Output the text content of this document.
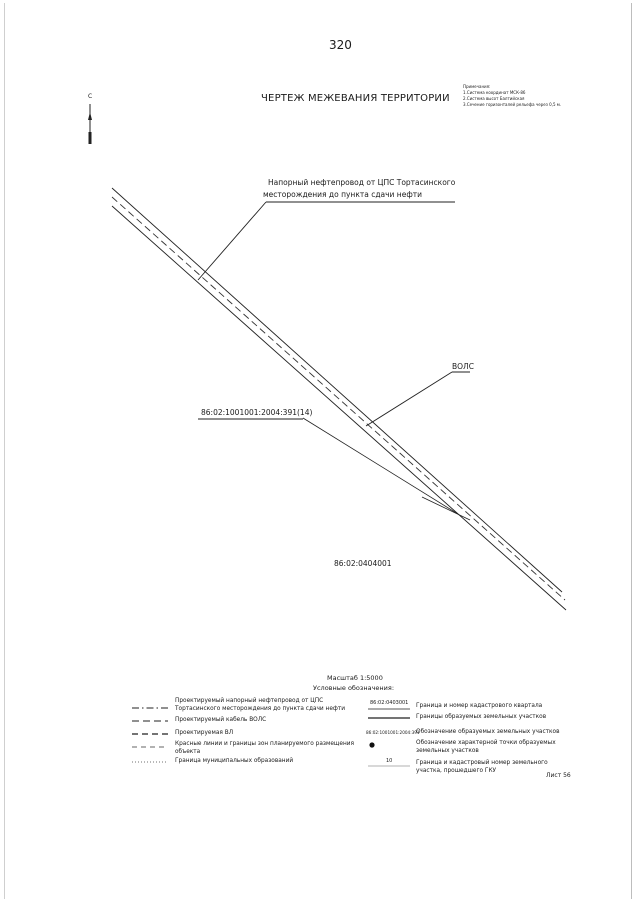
320
ЧЕРТЕЖ МЕЖЕВАНИЯ ТЕРРИТОРИИ
Примечания:
1.Система координат МСК-86
2.Система высот Балтийская
3.Сечение горизонталей рельефа через 0,5 м.
С
Напорный нефтепровод от ЦПС Тортасинского
месторождения до пункта сдачи нефти
ВОЛС
86:02:1001001:2004:391(14)
86:02:0404001
Масштаб 1:5000
Условные обозначения:
Проектируемый напорный нефтепровод от ЦПС
Тортасинского месторождения до пункта сдачи нефти
Проектируемый кабель ВОЛС
Проектируемая ВЛ
Красные линии и границы зон планируемого размещения
объекта
Граница муниципальных образований
86:02:0403001 Граница и номер кадастрового квартала
Границы образуемых земельных участков
86:02:1001001:2004:391
Обозначение образуемых земельных участков
Обозначение характерной точки образуемых
земельных участков
10	Граница и кадастровый номер земельного
участка, прошедшего ГКУ
Лист 56
